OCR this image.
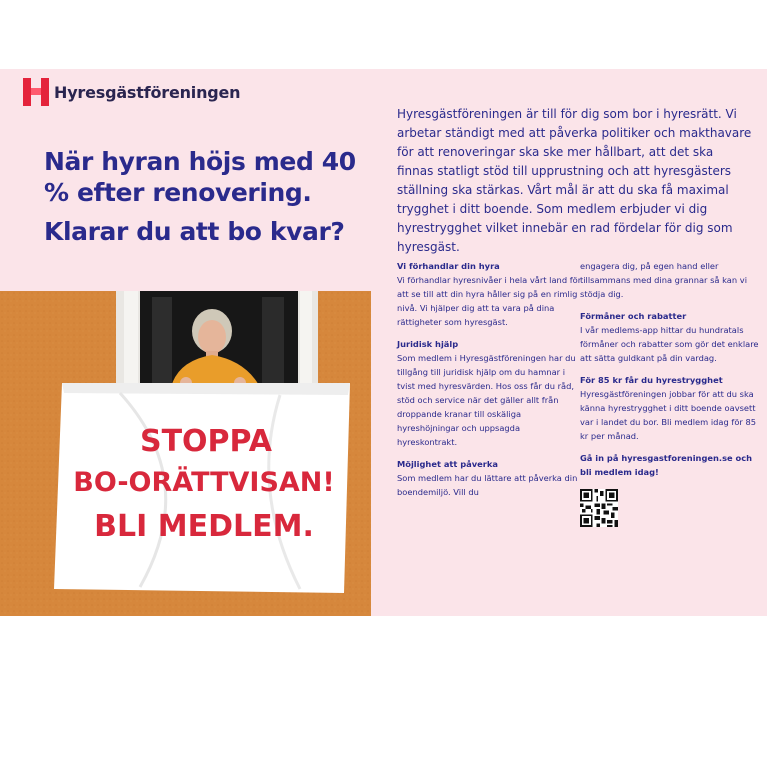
Hyresgästföreningen
När hyran höjs med 40 % efter renovering.
Klarar du att bo kvar?

Hyresgästföreningen är till för dig som bor i hyresrätt. Vi arbetar ständigt med att påverka politiker och makthavare för att renoveringar ska ske mer hållbart, att det ska finnas statligt stöd till upprustning och att hyresgästers ställning ska stärkas. Vårt mål är att du ska få maximal trygghet i ditt boende. Som medlem erbjuder vi dig hyrestrygghet vilket innebär en rad fördelar för dig som hyresgäst.

STOPPA
BO-ORÄTTVISAN!
BLI MEDLEM.
Vi förhandlar din hyra

Vi förhandlar hyresnivåer i hela vårt land för att se till att din hyra håller sig på en rimlig nivå. Vi hjälper dig att ta vara på dina rättigheter som hyresgäst.

Juridisk hjälp

Som medlem i Hyresgästföreningen har du tillgång till juridisk hjälp om du hamnar i tvist med hyresvärden. Hos oss får du råd, stöd och service när det gäller allt från droppande kranar till oskäliga hyreshöjningar och uppsagda hyreskontrakt.

Möjlighet att påverka

Som medlem har du lättare att påverka din boendemiljö. Vill du

engagera dig, på egen hand eller tillsammans med dina grannar så kan vi stödja dig.

Förmåner och rabatter

I vår medlems-app hittar du hundratals förmåner och rabatter som gör det enklare att sätta guldkant på din vardag.

För 85 kr får du hyrestrygghet

Hyresgästföreningen jobbar för att du ska känna hyrestrygghet i ditt boende oavsett var i landet du bor. Bli medlem idag för 85 kr per månad.

Gå in på hyresgastforeningen.se och bli medlem idag!
